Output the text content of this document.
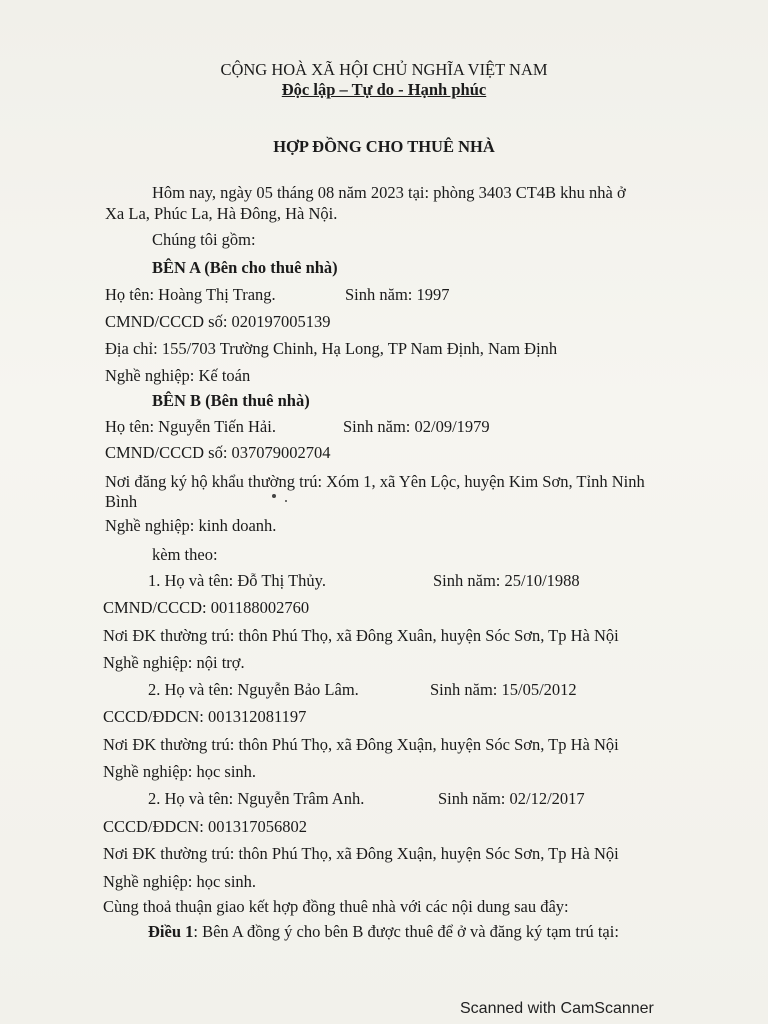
CỘNG HOÀ XÃ HỘI CHỦ NGHĨA VIỆT NAM
Độc lập – Tự do - Hạnh phúc
HỢP ĐỒNG CHO THUÊ NHÀ
Hôm nay, ngày 05 tháng 08 năm 2023 tại: phòng 3403 CT4B khu nhà ở
Xa La, Phúc La, Hà Đông, Hà Nội.
Chúng tôi gồm:
BÊN A (Bên cho thuê nhà)
Họ tên: Hoàng Thị Trang.	Sinh năm: 1997
CMND/CCCD số: 020197005139
Địa chỉ: 155/703 Trường Chinh, Hạ Long, TP Nam Định, Nam Định
Nghề nghiệp: Kế toán
BÊN B (Bên thuê nhà)
Họ tên: Nguyễn Tiến Hải.	Sinh năm: 02/09/1979
CMND/CCCD số: 037079002704
Nơi đăng ký hộ khẩu thường trú: Xóm 1, xã Yên Lộc, huyện Kim Sơn, Tỉnh Ninh
Bình
Nghề nghiệp: kinh doanh.
kèm theo:
1. Họ và tên: Đỗ Thị Thủy.	Sinh năm: 25/10/1988
CMND/CCCD: 001188002760
Nơi ĐK thường trú: thôn Phú Thọ, xã Đông Xuân, huyện Sóc Sơn, Tp Hà Nội
Nghề nghiệp: nội trợ.
2. Họ và tên: Nguyễn Bảo Lâm.	Sinh năm: 15/05/2012
CCCD/ĐDCN: 001312081197
Nơi ĐK thường trú: thôn Phú Thọ, xã Đông Xuận, huyện Sóc Sơn, Tp Hà Nội
Nghề nghiệp: học sinh.
2. Họ và tên: Nguyễn Trâm Anh.	Sinh năm: 02/12/2017
CCCD/ĐDCN: 001317056802
Nơi ĐK thường trú: thôn Phú Thọ, xã Đông Xuận, huyện Sóc Sơn, Tp Hà Nội
Nghề nghiệp: học sinh.
Cùng thoả thuận giao kết hợp đồng thuê nhà với các nội dung sau đây:
Điều 1: Bên A đồng ý cho bên B được thuê để ở và đăng ký tạm trú tại:
Scanned with CamScanner
